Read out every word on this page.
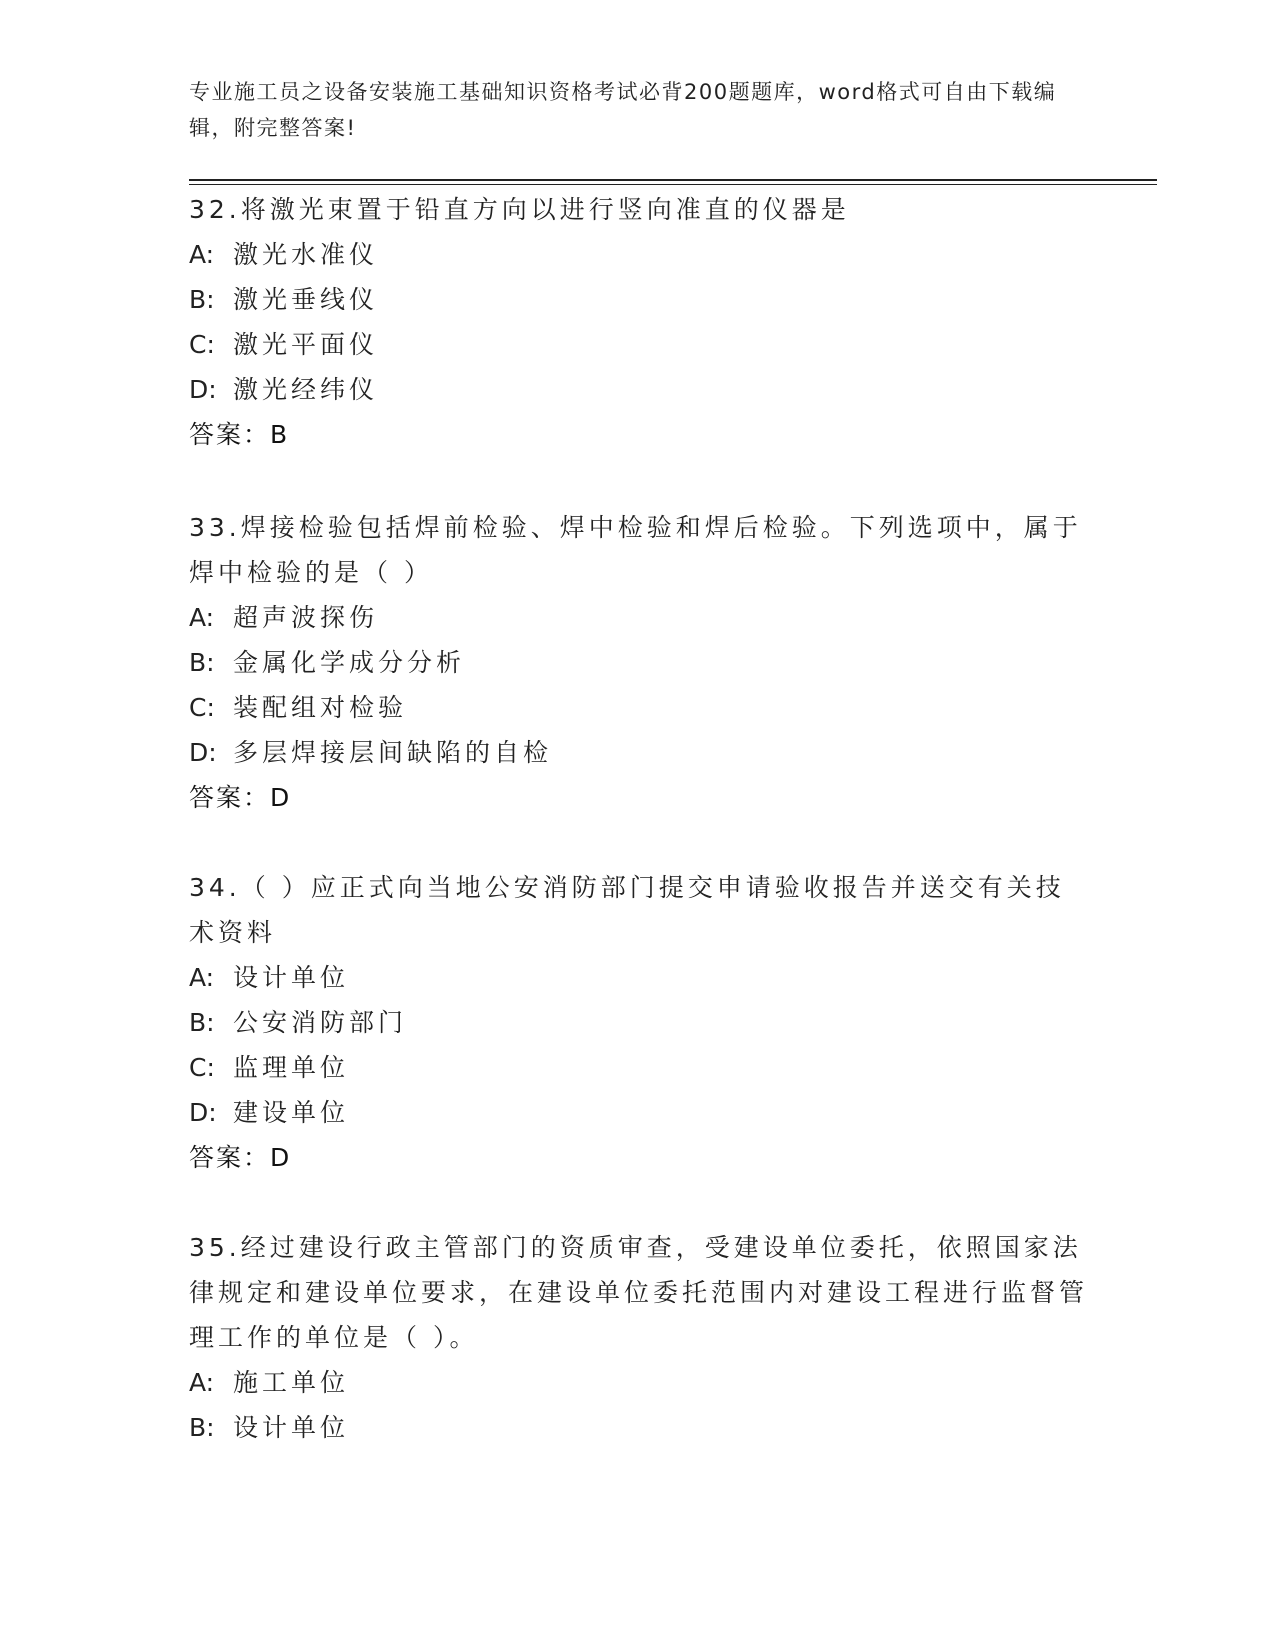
专业施工员之设备安装施工基础知识资格考试必背200题题库，word格式可自由下载编辑，附完整答案!

32.将激光束置于铅直方向以进行竖向准直的仪器是

A: 激光水准仪

B: 激光垂线仪

C: 激光平面仪

D: 激光经纬仪

答案：B

33.焊接检验包括焊前检验、焊中检验和焊后检验。下列选项中，属于焊中检验的是（ ）

A: 超声波探伤

B: 金属化学成分分析

C: 装配组对检验

D: 多层焊接层间缺陷的自检

答案：D

34.（ ）应正式向当地公安消防部门提交申请验收报告并送交有关技术资料

A: 设计单位

B: 公安消防部门

C: 监理单位

D: 建设单位

答案：D

35.经过建设行政主管部门的资质审查，受建设单位委托，依照国家法律规定和建设单位要求，在建设单位委托范围内对建设工程进行监督管理工作的单位是（ ）。

A: 施工单位

B: 设计单位
